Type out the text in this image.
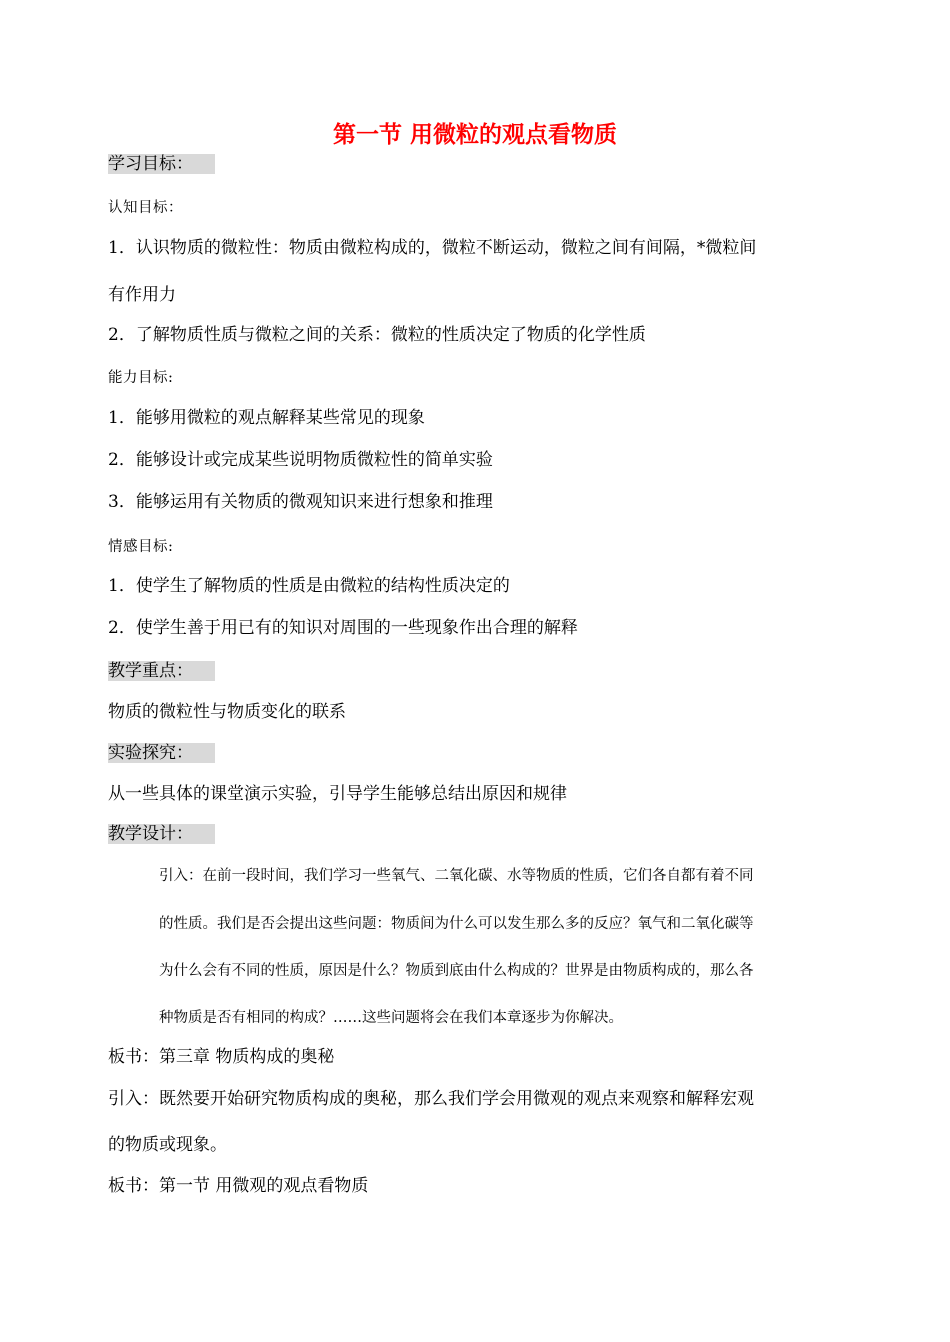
第一节 用微粒的观点看物质
学习目标：
认知目标：
1．认识物质的微粒性：物质由微粒构成的，微粒不断运动，微粒之间有间隔，*微粒间
有作用力
2．了解物质性质与微粒之间的关系：微粒的性质决定了物质的化学性质
能力目标:
1．能够用微粒的观点解释某些常见的现象
2．能够设计或完成某些说明物质微粒性的简单实验
3．能够运用有关物质的微观知识来进行想象和推理
情感目标:
1．使学生了解物质的性质是由微粒的结构性质决定的
2．使学生善于用已有的知识对周围的一些现象作出合理的解释
教学重点：
物质的微粒性与物质变化的联系
实验探究：
从一些具体的课堂演示实验，引导学生能够总结出原因和规律
教学设计：
引入：在前一段时间，我们学习一些氧气、二氧化碳、水等物质的性质，它们各自都有着不同
的性质。我们是否会提出这些问题：物质间为什么可以发生那么多的反应？氧气和二氧化碳等
为什么会有不同的性质，原因是什么？物质到底由什么构成的？世界是由物质构成的，那么各
种物质是否有相同的构成？……这些问题将会在我们本章逐步为你解决。
板书：第三章 物质构成的奥秘
引入：既然要开始研究物质构成的奥秘，那么我们学会用微观的观点来观察和解释宏观
的物质或现象。
板书：第一节 用微观的观点看物质
